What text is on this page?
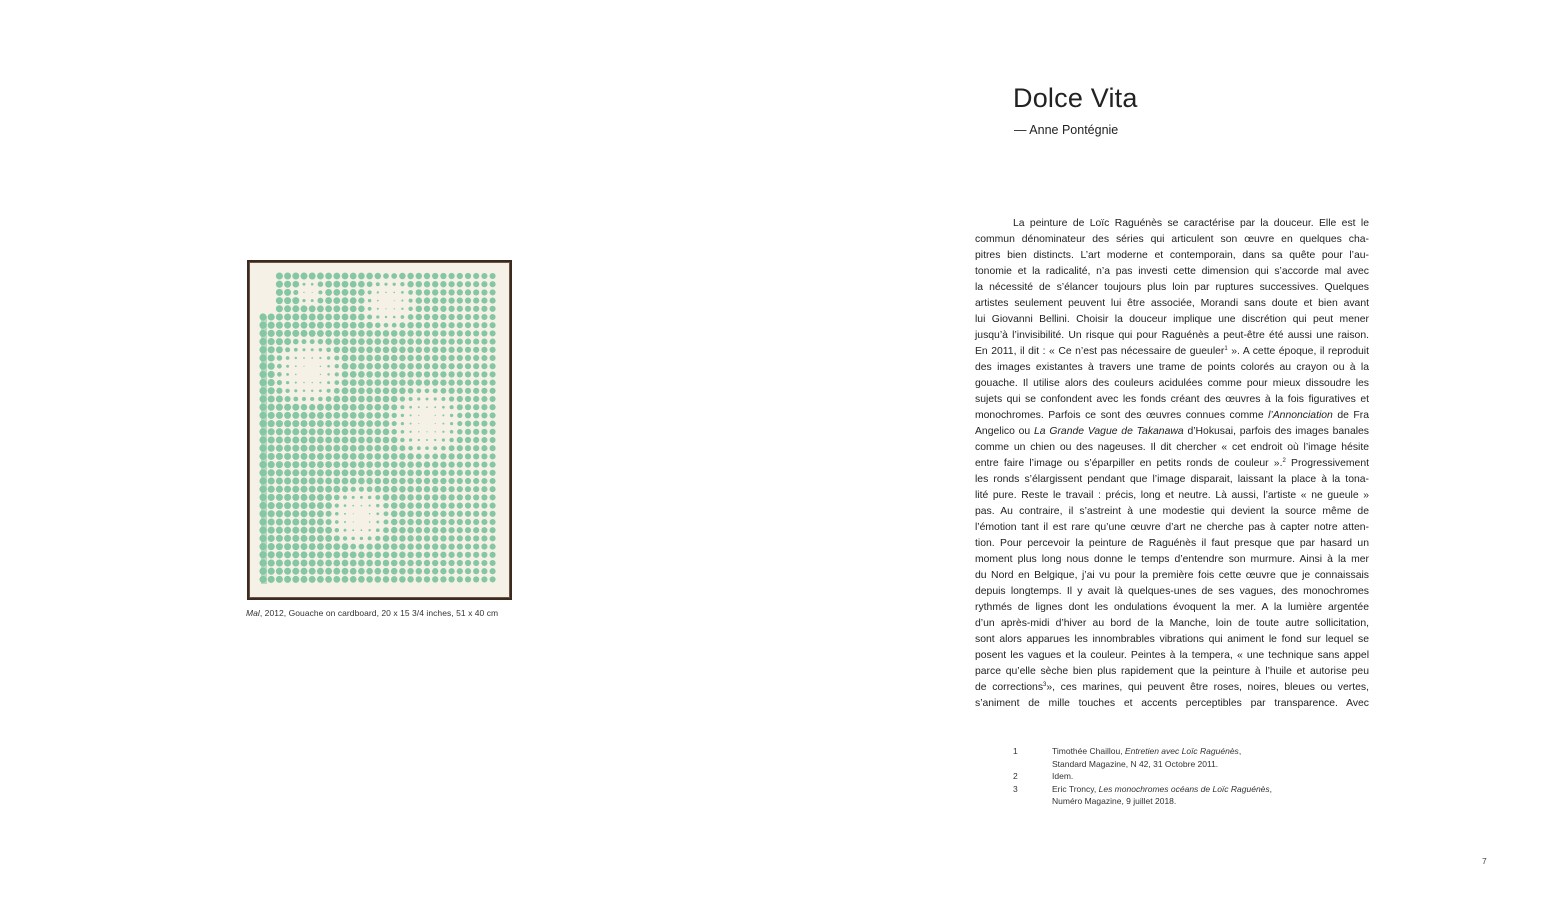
Mal, 2012, Gouache on cardboard, 20 x 15 3/4 inches, 51 x 40 cm
Dolce Vita
— Anne Pontégnie
La peinture de Loïc Raguénès se caractérise par la douceur. Elle est le
commun dénominateur des séries qui articulent son œuvre en quelques cha-
pitres bien distincts. L’art moderne et contemporain, dans sa quête pour l’au-
tonomie et la radicalité, n’a pas investi cette dimension qui s’accorde mal avec
la nécessité de s’élancer toujours plus loin par ruptures successives. Quelques
artistes seulement peuvent lui être associée, Morandi sans doute et bien avant
lui Giovanni Bellini. Choisir la douceur implique une discrétion qui peut mener
jusqu’à l’invisibilité. Un risque qui pour Raguénès a peut-être été aussi une raison.
En 2011, il dit : « Ce n’est pas nécessaire de gueuler$^1$ ». A cette époque, il reproduit
des images existantes à travers une trame de points colorés au crayon ou à la
gouache. Il utilise alors des couleurs acidulées comme pour mieux dissoudre les
sujets qui se confondent avec les fonds créant des œuvres à la fois figuratives et
monochromes. Parfois ce sont des œuvres connues comme l’Annonciation de Fra
Angelico ou La Grande Vague de Takanawa d’Hokusai, parfois des images banales
comme un chien ou des nageuses. Il dit chercher « cet endroit où l’image hésite
entre faire l’image ou s’éparpiller en petits ronds de couleur ».$^2$ Progressivement
les ronds s’élargissent pendant que l’image disparait, laissant la place à la tona-
lité pure. Reste le travail : précis, long et neutre. Là aussi, l’artiste « ne gueule »
pas. Au contraire, il s’astreint à une modestie qui devient la source même de
l’émotion tant il est rare qu’une œuvre d’art ne cherche pas à capter notre atten-
tion. Pour percevoir la peinture de Raguénès il faut presque que par hasard un
moment plus long nous donne le temps d’entendre son murmure. Ainsi à la mer
du Nord en Belgique, j’ai vu pour la première fois cette œuvre que je connaissais
depuis longtemps. Il y avait là quelques-unes de ses vagues, des monochromes
rythmés de lignes dont les ondulations évoquent la mer. A la lumière argentée
d’un après-midi d’hiver au bord de la Manche, loin de toute autre sollicitation,
sont alors apparues les innombrables vibrations qui animent le fond sur lequel se
posent les vagues et la couleur. Peintes à la tempera, « une technique sans appel
parce qu’elle sèche bien plus rapidement que la peinture à l’huile et autorise peu
de corrections$^3$», ces marines, qui peuvent être roses, noires, bleues ou vertes,
s’animent de mille touches et accents perceptibles par transparence. Avec
1	Timothée Chaillou, Entretien avec Loïc Raguénès,
Standard Magazine, N 42, 31 Octobre 2011.
2	Idem.
3	Eric Troncy, Les monochromes océans de Loïc Raguénès,
Numéro Magazine, 9 juillet 2018.
7
